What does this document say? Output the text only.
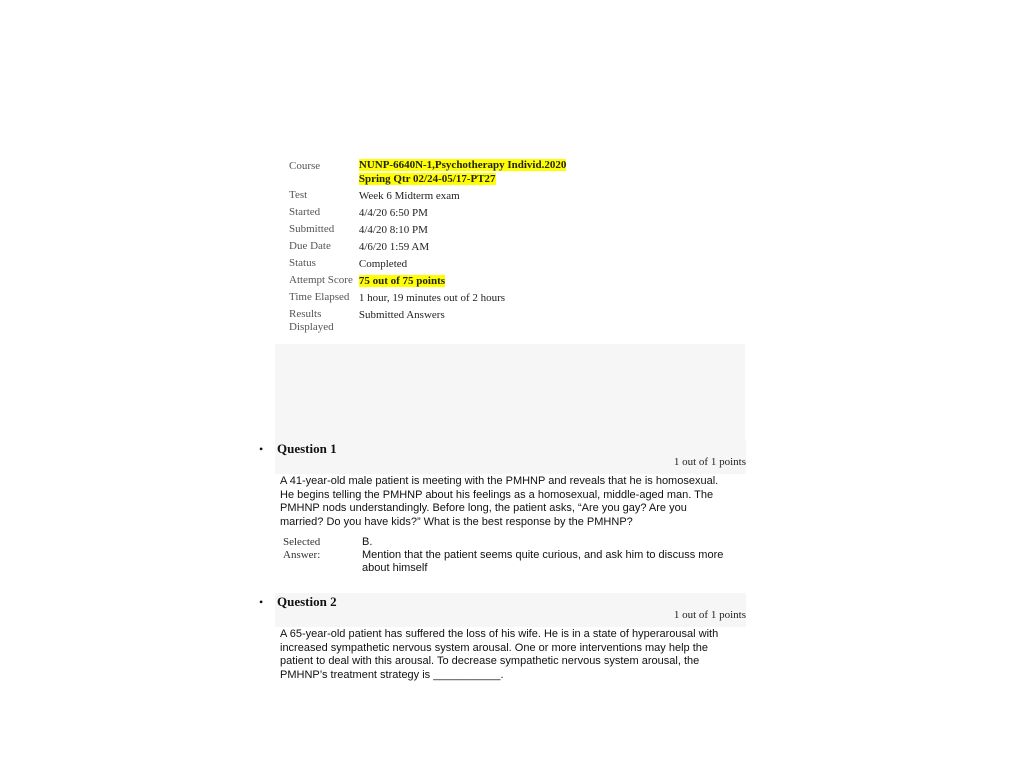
Course	NUNP-6640N-1,Psychotherapy Individ.2020
Spring Qtr 02/24-05/17-PT27
Test	Week 6 Midterm exam
Started	4/4/20 6:50 PM
Submitted	4/4/20 8:10 PM
Due Date	4/6/20 1:59 AM
Status	Completed
Attempt Score	75 out of 75 points
Time Elapsed	1 hour, 19 minutes out of 2 hours
Results
Displayed	Submitted Answers
• Question 1
1 out of 1 points
A 41-year-old male patient is meeting with the PMHNP and reveals that he is homosexual. He begins telling the PMHNP about his feelings as a homosexual, middle-aged man. The PMHNP nods understandingly. Before long, the patient asks, “Are you gay? Are you married? Do you have kids?” What is the best response by the PMHNP?
Selected
Answer:
B.
Mention that the patient seems quite curious, and ask him to discuss more about himself
• Question 2
1 out of 1 points
A 65-year-old patient has suffered the loss of his wife. He is in a state of hyperarousal with increased sympathetic nervous system arousal. One or more interventions may help the patient to deal with this arousal. To decrease sympathetic nervous system arousal, the PMHNP’s treatment strategy is ___________.
